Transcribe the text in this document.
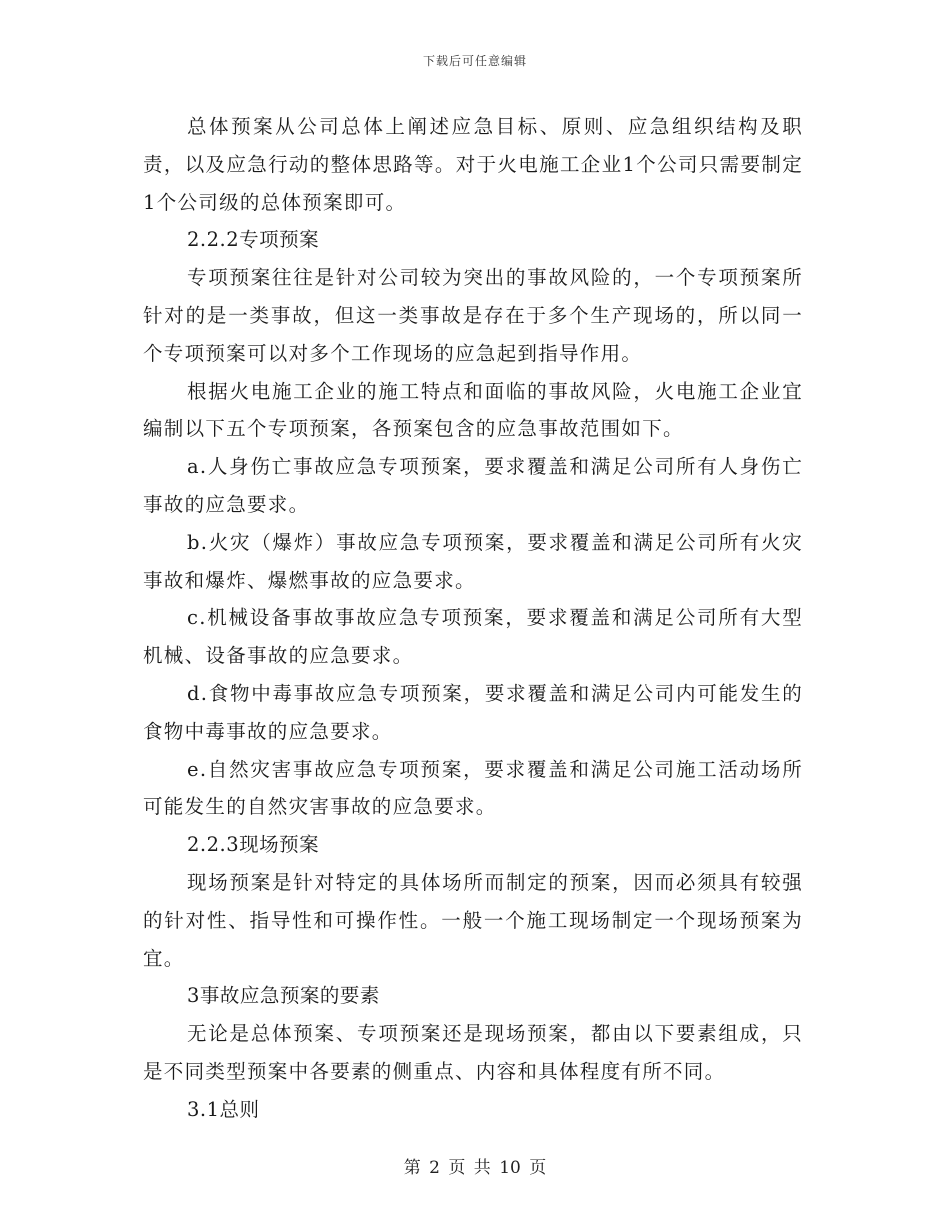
下载后可任意编辑

总体预案从公司总体上阐述应急目标、原则、应急组织结构及职责，以及应急行动的整体思路等。对于火电施工企业1个公司只需要制定1个公司级的总体预案即可。

2.2.2专项预案

专项预案往往是针对公司较为突出的事故风险的，一个专项预案所针对的是一类事故，但这一类事故是存在于多个生产现场的，所以同一个专项预案可以对多个工作现场的应急起到指导作用。

根据火电施工企业的施工特点和面临的事故风险，火电施工企业宜编制以下五个专项预案，各预案包含的应急事故范围如下。

a.人身伤亡事故应急专项预案，要求覆盖和满足公司所有人身伤亡事故的应急要求。

b.火灾（爆炸）事故应急专项预案，要求覆盖和满足公司所有火灾事故和爆炸、爆燃事故的应急要求。

c.机械设备事故事故应急专项预案，要求覆盖和满足公司所有大型机械、设备事故的应急要求。

d.食物中毒事故应急专项预案，要求覆盖和满足公司内可能发生的食物中毒事故的应急要求。

e.自然灾害事故应急专项预案，要求覆盖和满足公司施工活动场所可能发生的自然灾害事故的应急要求。

2.2.3现场预案

现场预案是针对特定的具体场所而制定的预案，因而必须具有较强的针对性、指导性和可操作性。一般一个施工现场制定一个现场预案为宜。

3事故应急预案的要素

无论是总体预案、专项预案还是现场预案，都由以下要素组成，只是不同类型预案中各要素的侧重点、内容和具体程度有所不同。

3.1总则

第 2 页 共 10 页
